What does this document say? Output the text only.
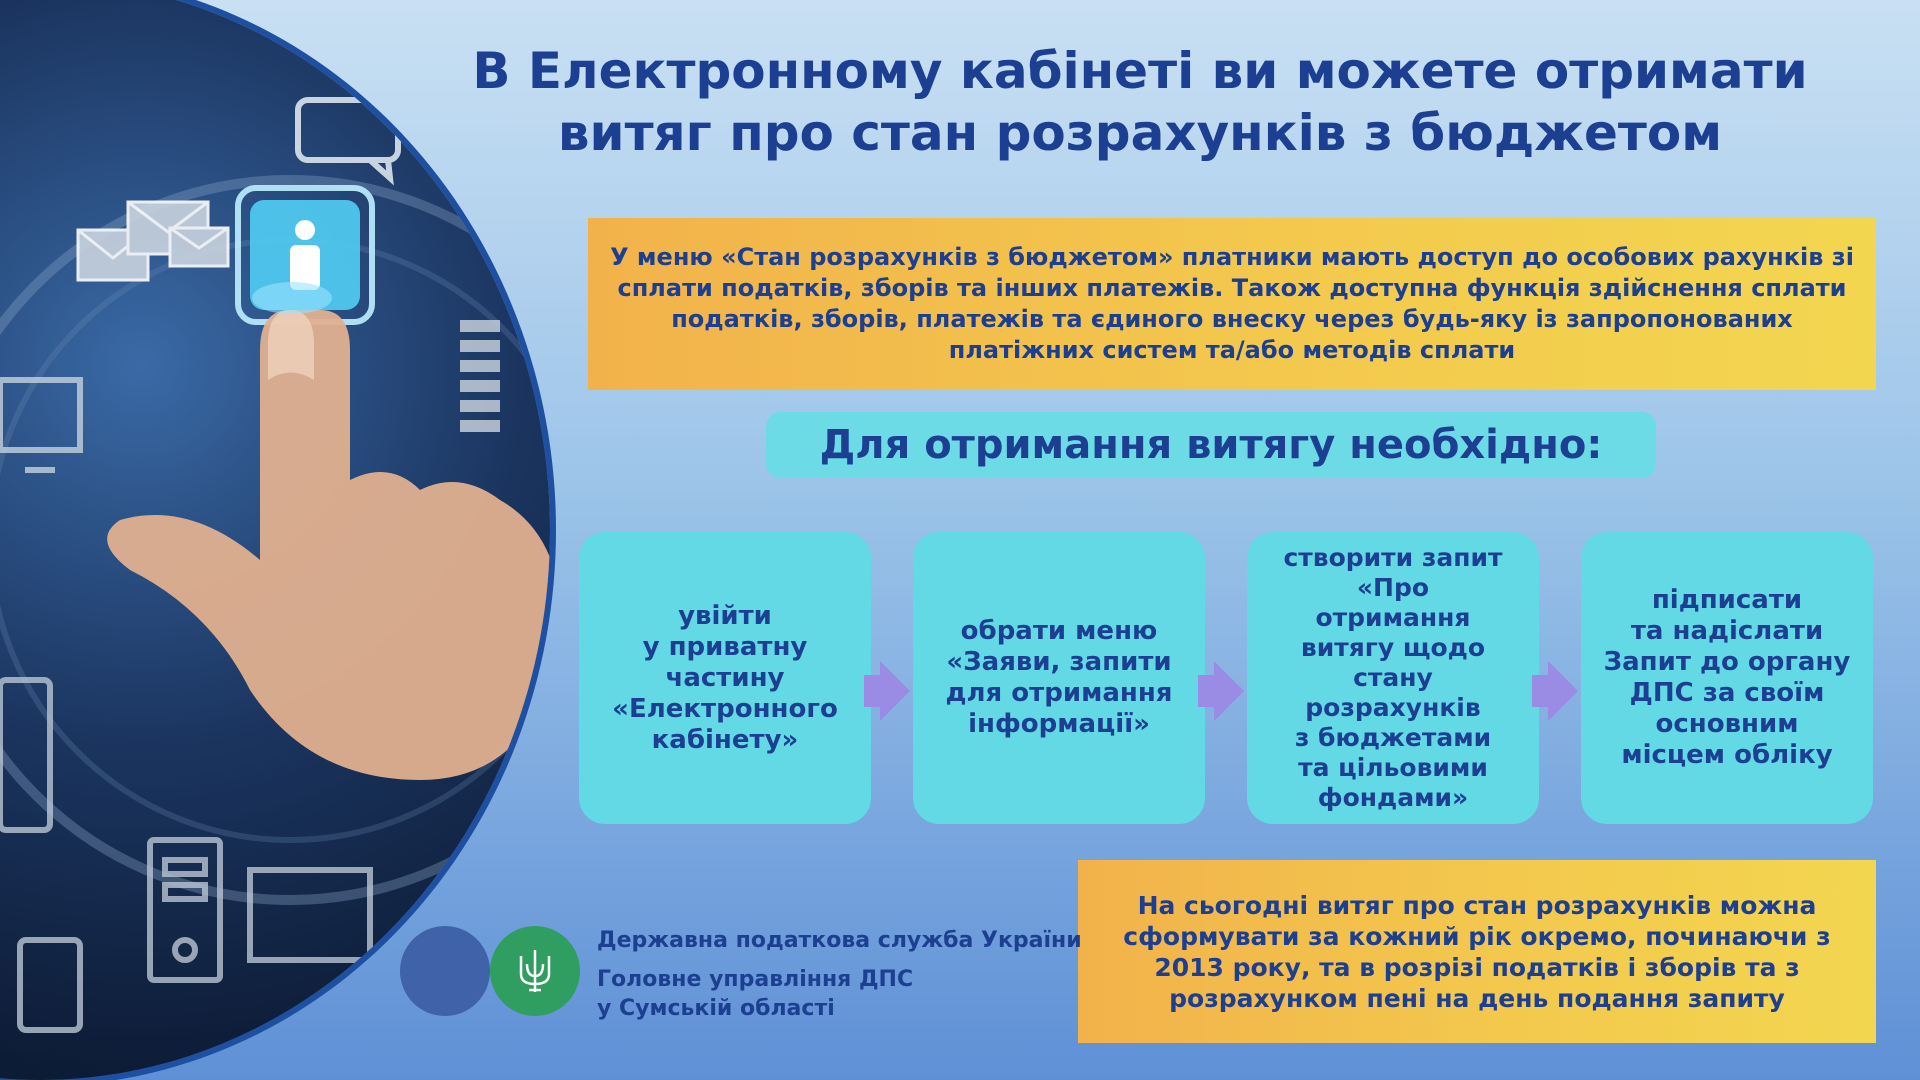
В Електронному кабінеті ви можете отримати
витяг про стан розрахунків з бюджетом
У меню «Стан розрахунків з бюджетом» платники мають доступ до особових рахунків зі сплати податків, зборів та інших платежів. Також доступна функція здійснення сплати податків, зборів, платежів та єдиного внеску через будь-яку із запропонованих платіжних систем та/або методів сплати
Для отримання витягу необхідно:
увійти
у приватну
частину
«Електронного
кабінету»
обрати меню
«Заяви, запити
для отримання
інформації»
створити запит
«Про
отримання
витягу щодо
стану
розрахунків
з бюджетами
та цільовими
фондами»
підписати
та надіслати
Запит до органу
ДПС за своїм
основним
місцем обліку
На сьогодні витяг про стан розрахунків можна сформувати за кожний рік окремо, починаючи з 2013 року, та в розрізі податків і зборів та з розрахунком пені на день подання запиту
Державна податкова служба України
Головне управління ДПС
у Сумській області
